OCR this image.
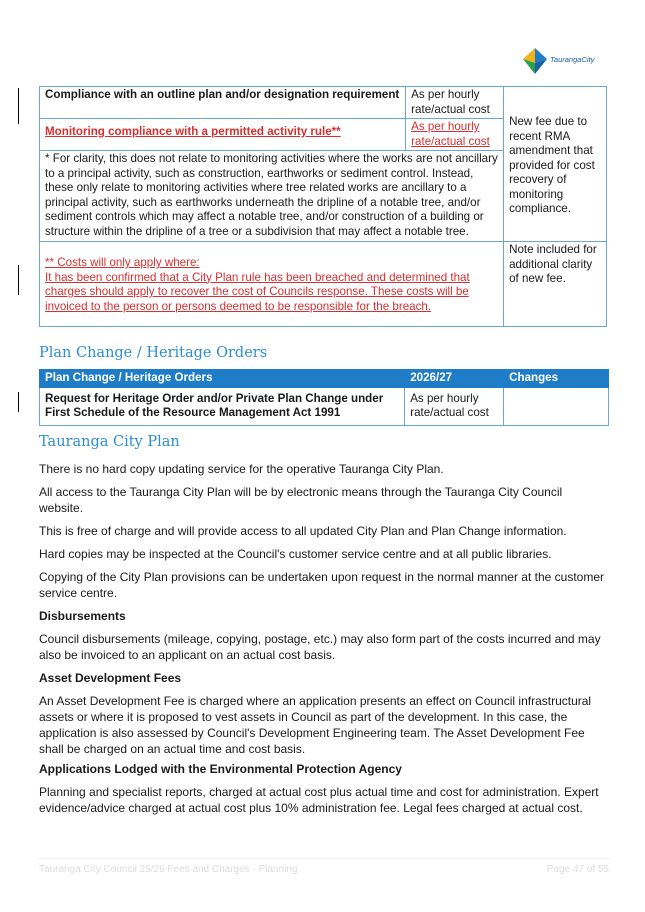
TaurangaCity
Compliance with an outline plan and/or designation requirement	As per hourly rate/actual cost	New fee due to recent RMA amendment that provided for cost recovery of monitoring compliance.
Monitoring compliance with a permitted activity rule**	As per hourly rate/actual cost	
* For clarity, this does not relate to monitoring activities where the works are not ancillary to a principal activity, such as construction, earthworks or sediment control. Instead, these only relate to monitoring activities where tree related works are ancillary to a principal activity, such as earthworks underneath the dripline of a notable tree, and/or sediment controls which may affect a notable tree, and/or construction of a building or structure within the dripline of a tree or a subdivision that may affect a notable tree.		

** Costs will only apply where:
It has been confirmed that a City Plan rule has been breached and determined that charges should apply to recover the cost of Councils response. These costs will be invoiced to the person or persons deemed to be responsible for the breach.		Note included for additional clarity of new fee.
Plan Change / Heritage Orders
Plan Change / Heritage Orders	2026/27	Changes
Request for Heritage Order and/or Private Plan Change under First Schedule of the Resource Management Act 1991	As per hourly rate/actual cost	
Tauranga City Plan

There is no hard copy updating service for the operative Tauranga City Plan.

All access to the Tauranga City Plan will be by electronic means through the Tauranga City Council website.

This is free of charge and will provide access to all updated City Plan and Plan Change information.

Hard copies may be inspected at the Council's customer service centre and at all public libraries.

Copying of the City Plan provisions can be undertaken upon request in the normal manner at the customer service centre.

Disbursements

Council disbursements (mileage, copying, postage, etc.) may also form part of the costs incurred and may also be invoiced to an applicant on an actual cost basis.

Asset Development Fees

An Asset Development Fee is charged where an application presents an effect on Council infrastructural assets or where it is proposed to vest assets in Council as part of the development. In this case, the application is also assessed by Council's Development Engineering team. The Asset Development Fee shall be charged on an actual time and cost basis.

Applications Lodged with the Environmental Protection Agency

Planning and specialist reports, charged at actual cost plus actual time and cost for administration. Expert evidence/advice charged at actual cost plus 10% administration fee. Legal fees charged at actual cost.

Tauranga City Council 25/26 Fees and Charges - Planning	Page 47 of 55
